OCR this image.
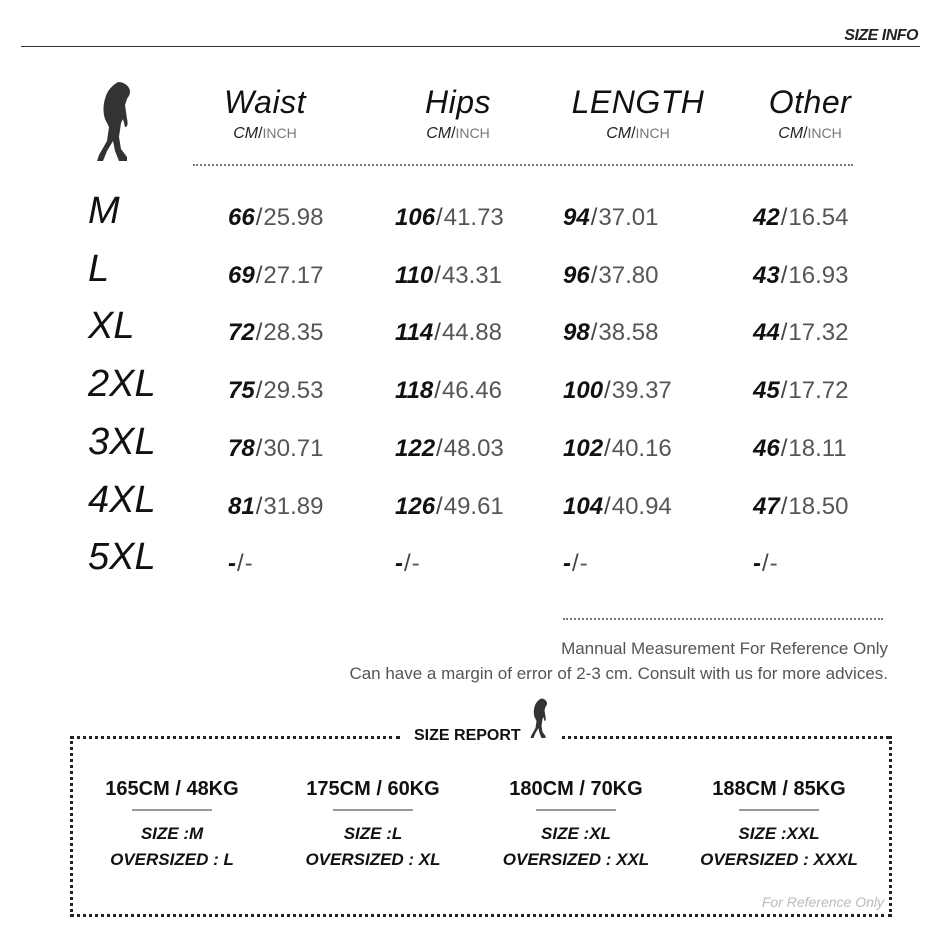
SIZE INFO
Waist
CM/INCH
Hips
CM/INCH
LENGTH
CM/INCH
Other
CM/INCH
M	66/25.98	106/41.73 94/37.01	42/16.54
L	69/27.17	110/43.31	96/37.80	43/16.93
XL	72/28.35	114/44.88	98/38.58	44/17.32
2XL	75/29.53	118/46.46	100/39.37	45/17.72
3XL	78/30.71	122/48.03 102/40.16	46/18.11
4XL	81/31.89	126/49.61 104/40.94	47/18.50
5XL	-/-	-/-	-/-	-/-
Mannual Measurement For Reference Only
Can have a margin of error of 2-3 cm. Consult with us for more advices.
SIZE REPORT
165CM / 48KG
SIZE :M
OVERSIZED : L
175CM / 60KG
SIZE :L
OVERSIZED : XL
180CM / 70KG
SIZE :XL
OVERSIZED : XXL
188CM / 85KG
SIZE :XXL
OVERSIZED : XXXL
For Reference Only
